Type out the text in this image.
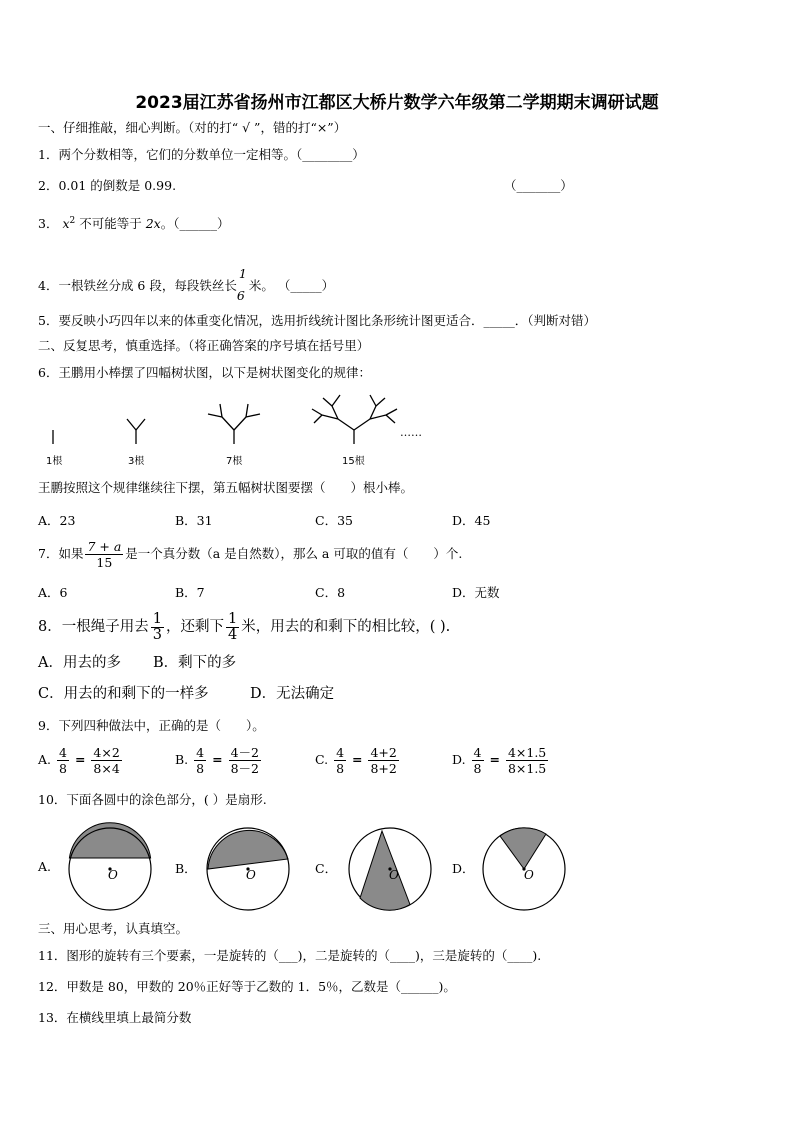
2023届江苏省扬州市江都区大桥片数学六年级第二学期期末调研试题
一、仔细推敲，细心判断。（对的打“ √ ”，错的打“×”）
1．两个分数相等，它们的分数单位一定相等。（________）
2．0.01 的倒数是 0.99.	（_______）
3． $x^2$ 不可能等于 2x。（______）
4．一根铁丝分成 6 段，每段铁丝长
1
6
米。 （_____）
5．要反映小巧四年以来的体重变化情况，选用折线统计图比条形统计图更适合．_____．（判断对错）
二、反复思考，慎重选择。（将正确答案的序号填在括号里）
6．王鹏用小棒摆了四幅树状图，以下是树状图变化的规律：
1根	3根	7根	15根
……
王鹏按照这个规律继续往下摆，第五幅树状图要摆（　　）根小棒。
A．23	B．31	C．35	D．45
7．如果 $\frac{7 + a}{15}$ 是一个真分数（a 是自然数），那么 a 可取的值有（　　）个.
A．6	B．7	C．8	D．无数
8．一根绳子用去 $\frac{1}{3}$ ，还剩下 $\frac{1}{4}$ 米，用去的和剩下的相比较，( ).
A．用去的多 B．剩下的多
C．用去的和剩下的一样多	D．无法确定
9．下列四种做法中，正确的是（　　）。
A. $\frac{4}{8} = \frac{4\times 2}{8\times 4}$	B. $\frac{4}{8} = \frac{4-2}{8-2}$	C. $\frac{4}{8} = \frac{4+2}{8+2}$	D. $\frac{4}{8} = \frac{4\times 1.5}{8\times 1.5}$
10．下面各圆中的涂色部分，( ）是扇形.
A.	B．	C．	D．
O	O	O	O
三、用心思考，认真填空。
11．图形的旋转有三个要素，一是旋转的（___)，二是旋转的（____)，三是旋转的（____).
12．甲数是 80，甲数的 20％正好等于乙数的 1．5％，乙数是（______)。
13．在横线里填上最简分数
